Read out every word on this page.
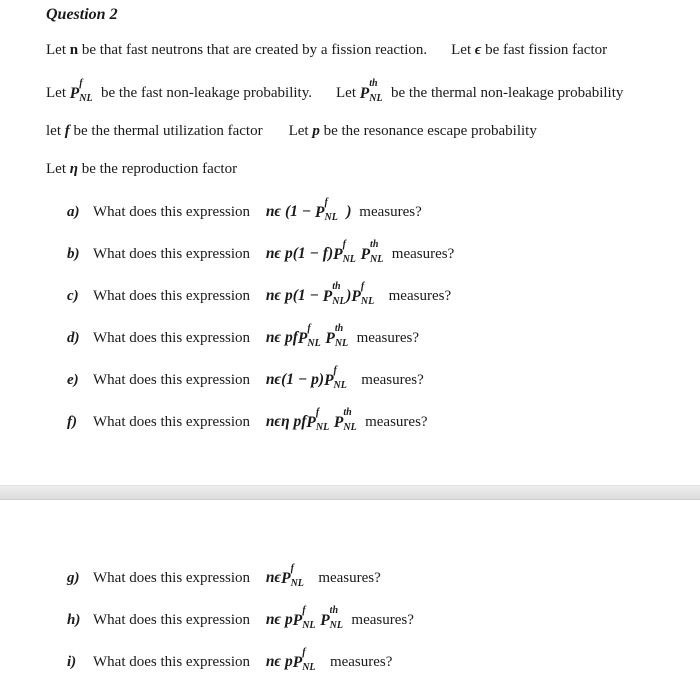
Question 2
Let n be that fast neutrons that are created by a fission reaction. Let ϵ be fast fission factor
Let P
f
NL be the fast non-leakage probability. Let P
th
NL be the thermal non-leakage probability
let f be the thermal utilization factor Let p be the resonance escape probability
Let η be the reproduction factor
a) What does this expression nϵ (1 − P
f
NL ) measures?
b) What does this expression nϵ p(1 − f)P
f
NL P
th
NL measures?
c) What does this expression nϵ p(1 − P
th
NL )P
f
NL measures?
d) What does this expression nϵ pfP
f
NL P
th
NL measures?
e) What does this expression nϵ(1 − p)P
f
NL measures?
f) What does this expression nϵη pfP
f
NL P
th
NL measures?
g) What does this expression nϵP
f
NL measures?
h) What does this expression nϵ pP
f
NL P
th
NL measures?
i) What does this expression nϵ pP
f
NL measures?
